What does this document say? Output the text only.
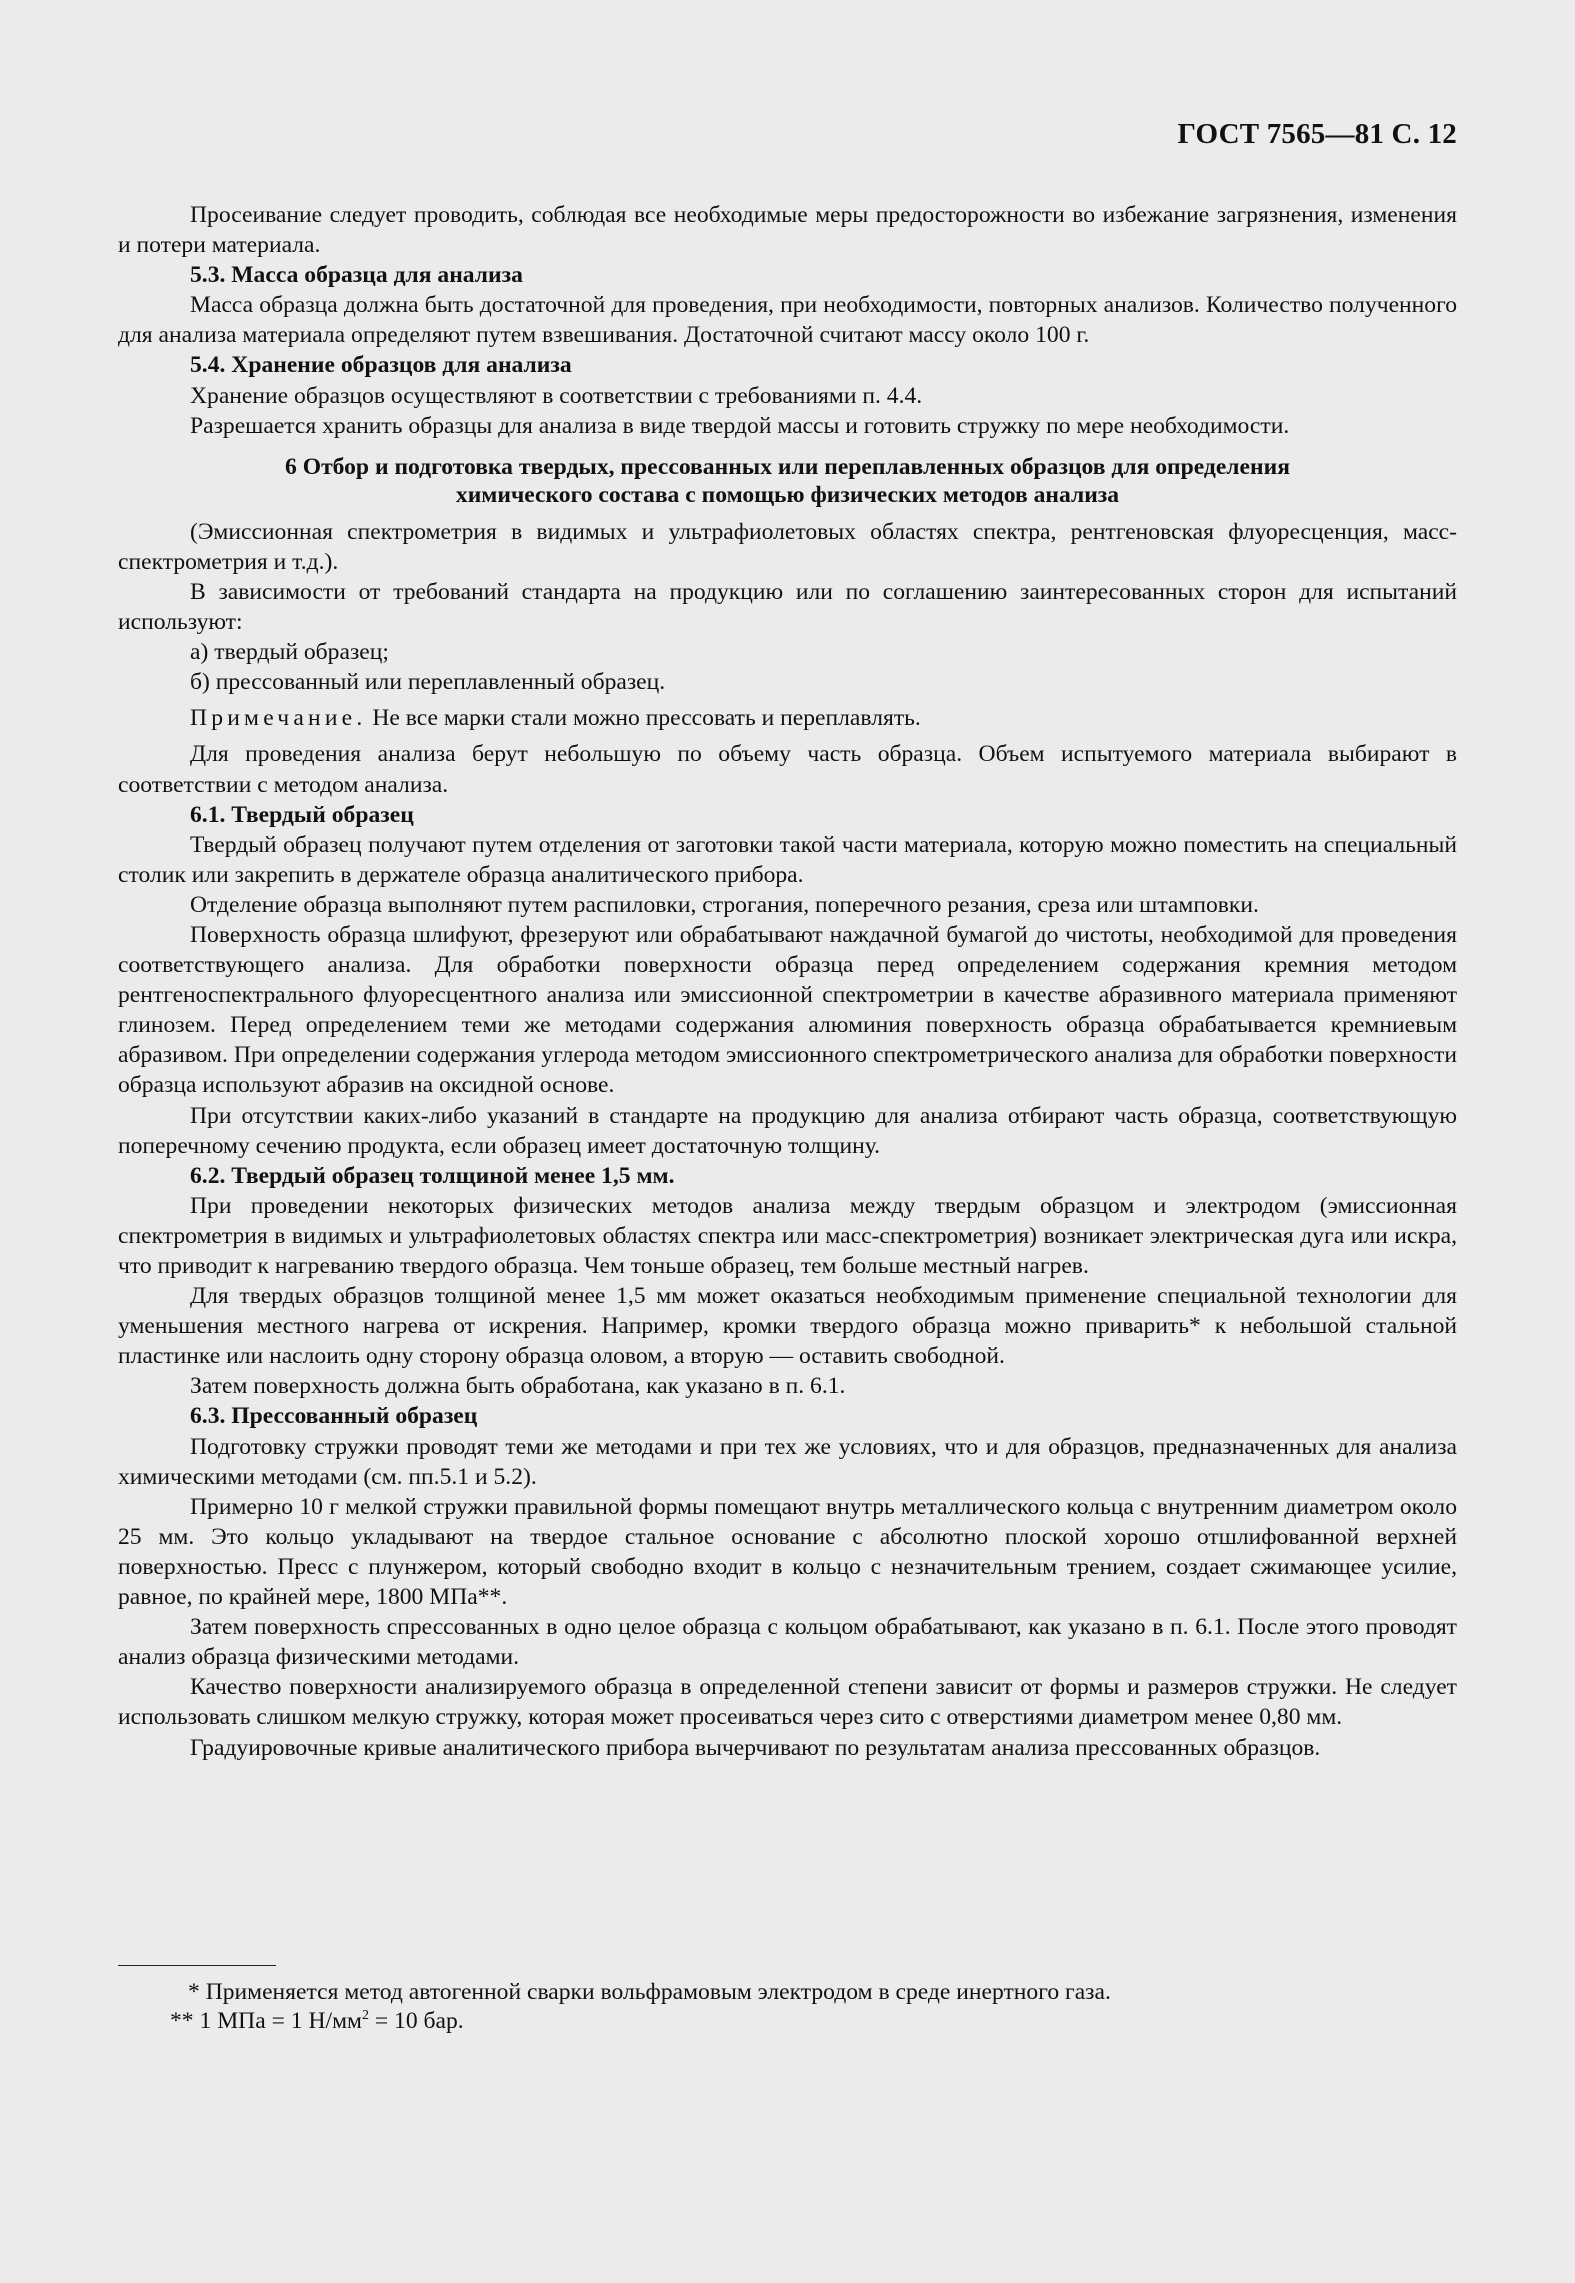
ГОСТ 7565—81 С. 12

Просеивание следует проводить, соблюдая все необходимые меры предосторожности во избежание загрязнения, изменения и потери материала.

5.3. Масса образца для анализа

Масса образца должна быть достаточной для проведения, при необходимости, повторных анализов. Количество полученного для анализа материала определяют путем взвешивания. Достаточной считают массу около 100 г.

5.4. Хранение образцов для анализа

Хранение образцов осуществляют в соответствии с требованиями п. 4.4.

Разрешается хранить образцы для анализа в виде твердой массы и готовить стружку по мере необходимости.

6 Отбор и подготовка твердых, прессованных или переплавленных образцов для определения
химического состава с помощью физических методов анализа

(Эмиссионная спектрометрия в видимых и ультрафиолетовых областях спектра, рентгеновская флуоресценция, масс-спектрометрия и т.д.).

В зависимости от требований стандарта на продукцию или по соглашению заинтересованных сторон для испытаний используют:

а) твердый образец;

б) прессованный или переплавленный образец.

Примечание. Не все марки стали можно прессовать и переплавлять.

Для проведения анализа берут небольшую по объему часть образца. Объем испытуемого материала выбирают в соответствии с методом анализа.

6.1. Твердый образец

Твердый образец получают путем отделения от заготовки такой части материала, которую можно поместить на специальный столик или закрепить в держателе образца аналитического прибора.

Отделение образца выполняют путем распиловки, строгания, поперечного резания, среза или штамповки.

Поверхность образца шлифуют, фрезеруют или обрабатывают наждачной бумагой до чистоты, необходимой для проведения соответствующего анализа. Для обработки поверхности образца перед определением содержания кремния методом рентгеноспектрального флуоресцентного анализа или эмиссионной спектрометрии в качестве абразивного материала применяют глинозем. Перед определением теми же методами содержания алюминия поверхность образца обрабатывается кремниевым абразивом. При определении содержания углерода методом эмиссионного спектрометрического анализа для обработки поверхности образца используют абразив на оксидной основе.

При отсутствии каких-либо указаний в стандарте на продукцию для анализа отбирают часть образца, соответствующую поперечному сечению продукта, если образец имеет достаточную толщину.

6.2. Твердый образец толщиной менее 1,5 мм.

При проведении некоторых физических методов анализа между твердым образцом и электродом (эмиссионная спектрометрия в видимых и ультрафиолетовых областях спектра или масс-спектрометрия) возникает электрическая дуга или искра, что приводит к нагреванию твердого образца. Чем тоньше образец, тем больше местный нагрев.

Для твердых образцов толщиной менее 1,5 мм может оказаться необходимым применение специальной технологии для уменьшения местного нагрева от искрения. Например, кромки твердого образца можно приварить* к небольшой стальной пластинке или наслоить одну сторону образца оловом, а вторую — оставить свободной.

Затем поверхность должна быть обработана, как указано в п. 6.1.

6.3. Прессованный образец

Подготовку стружки проводят теми же методами и при тех же условиях, что и для образцов, предназначенных для анализа химическими методами (см. пп.5.1 и 5.2).

Примерно 10 г мелкой стружки правильной формы помещают внутрь металлического кольца с внутренним диаметром около 25 мм. Это кольцо укладывают на твердое стальное основание с абсолютно плоской хорошо отшлифованной верхней поверхностью. Пресс с плунжером, который свободно входит в кольцо с незначительным трением, создает сжимающее усилие, равное, по крайней мере, 1800 МПа**.

Затем поверхность спрессованных в одно целое образца с кольцом обрабатывают, как указано в п. 6.1. После этого проводят анализ образца физическими методами.

Качество поверхности анализируемого образца в определенной степени зависит от формы и размеров стружки. Не следует использовать слишком мелкую стружку, которая может просеиваться через сито с отверстиями диаметром менее 0,80 мм.

Градуировочные кривые аналитического прибора вычерчивают по результатам анализа прессованных образцов.

* Применяется метод автогенной сварки вольфрамовым электродом в среде инертного газа.
** 1 МПа = 1 $Н/мм^2 = 10$ бар.
